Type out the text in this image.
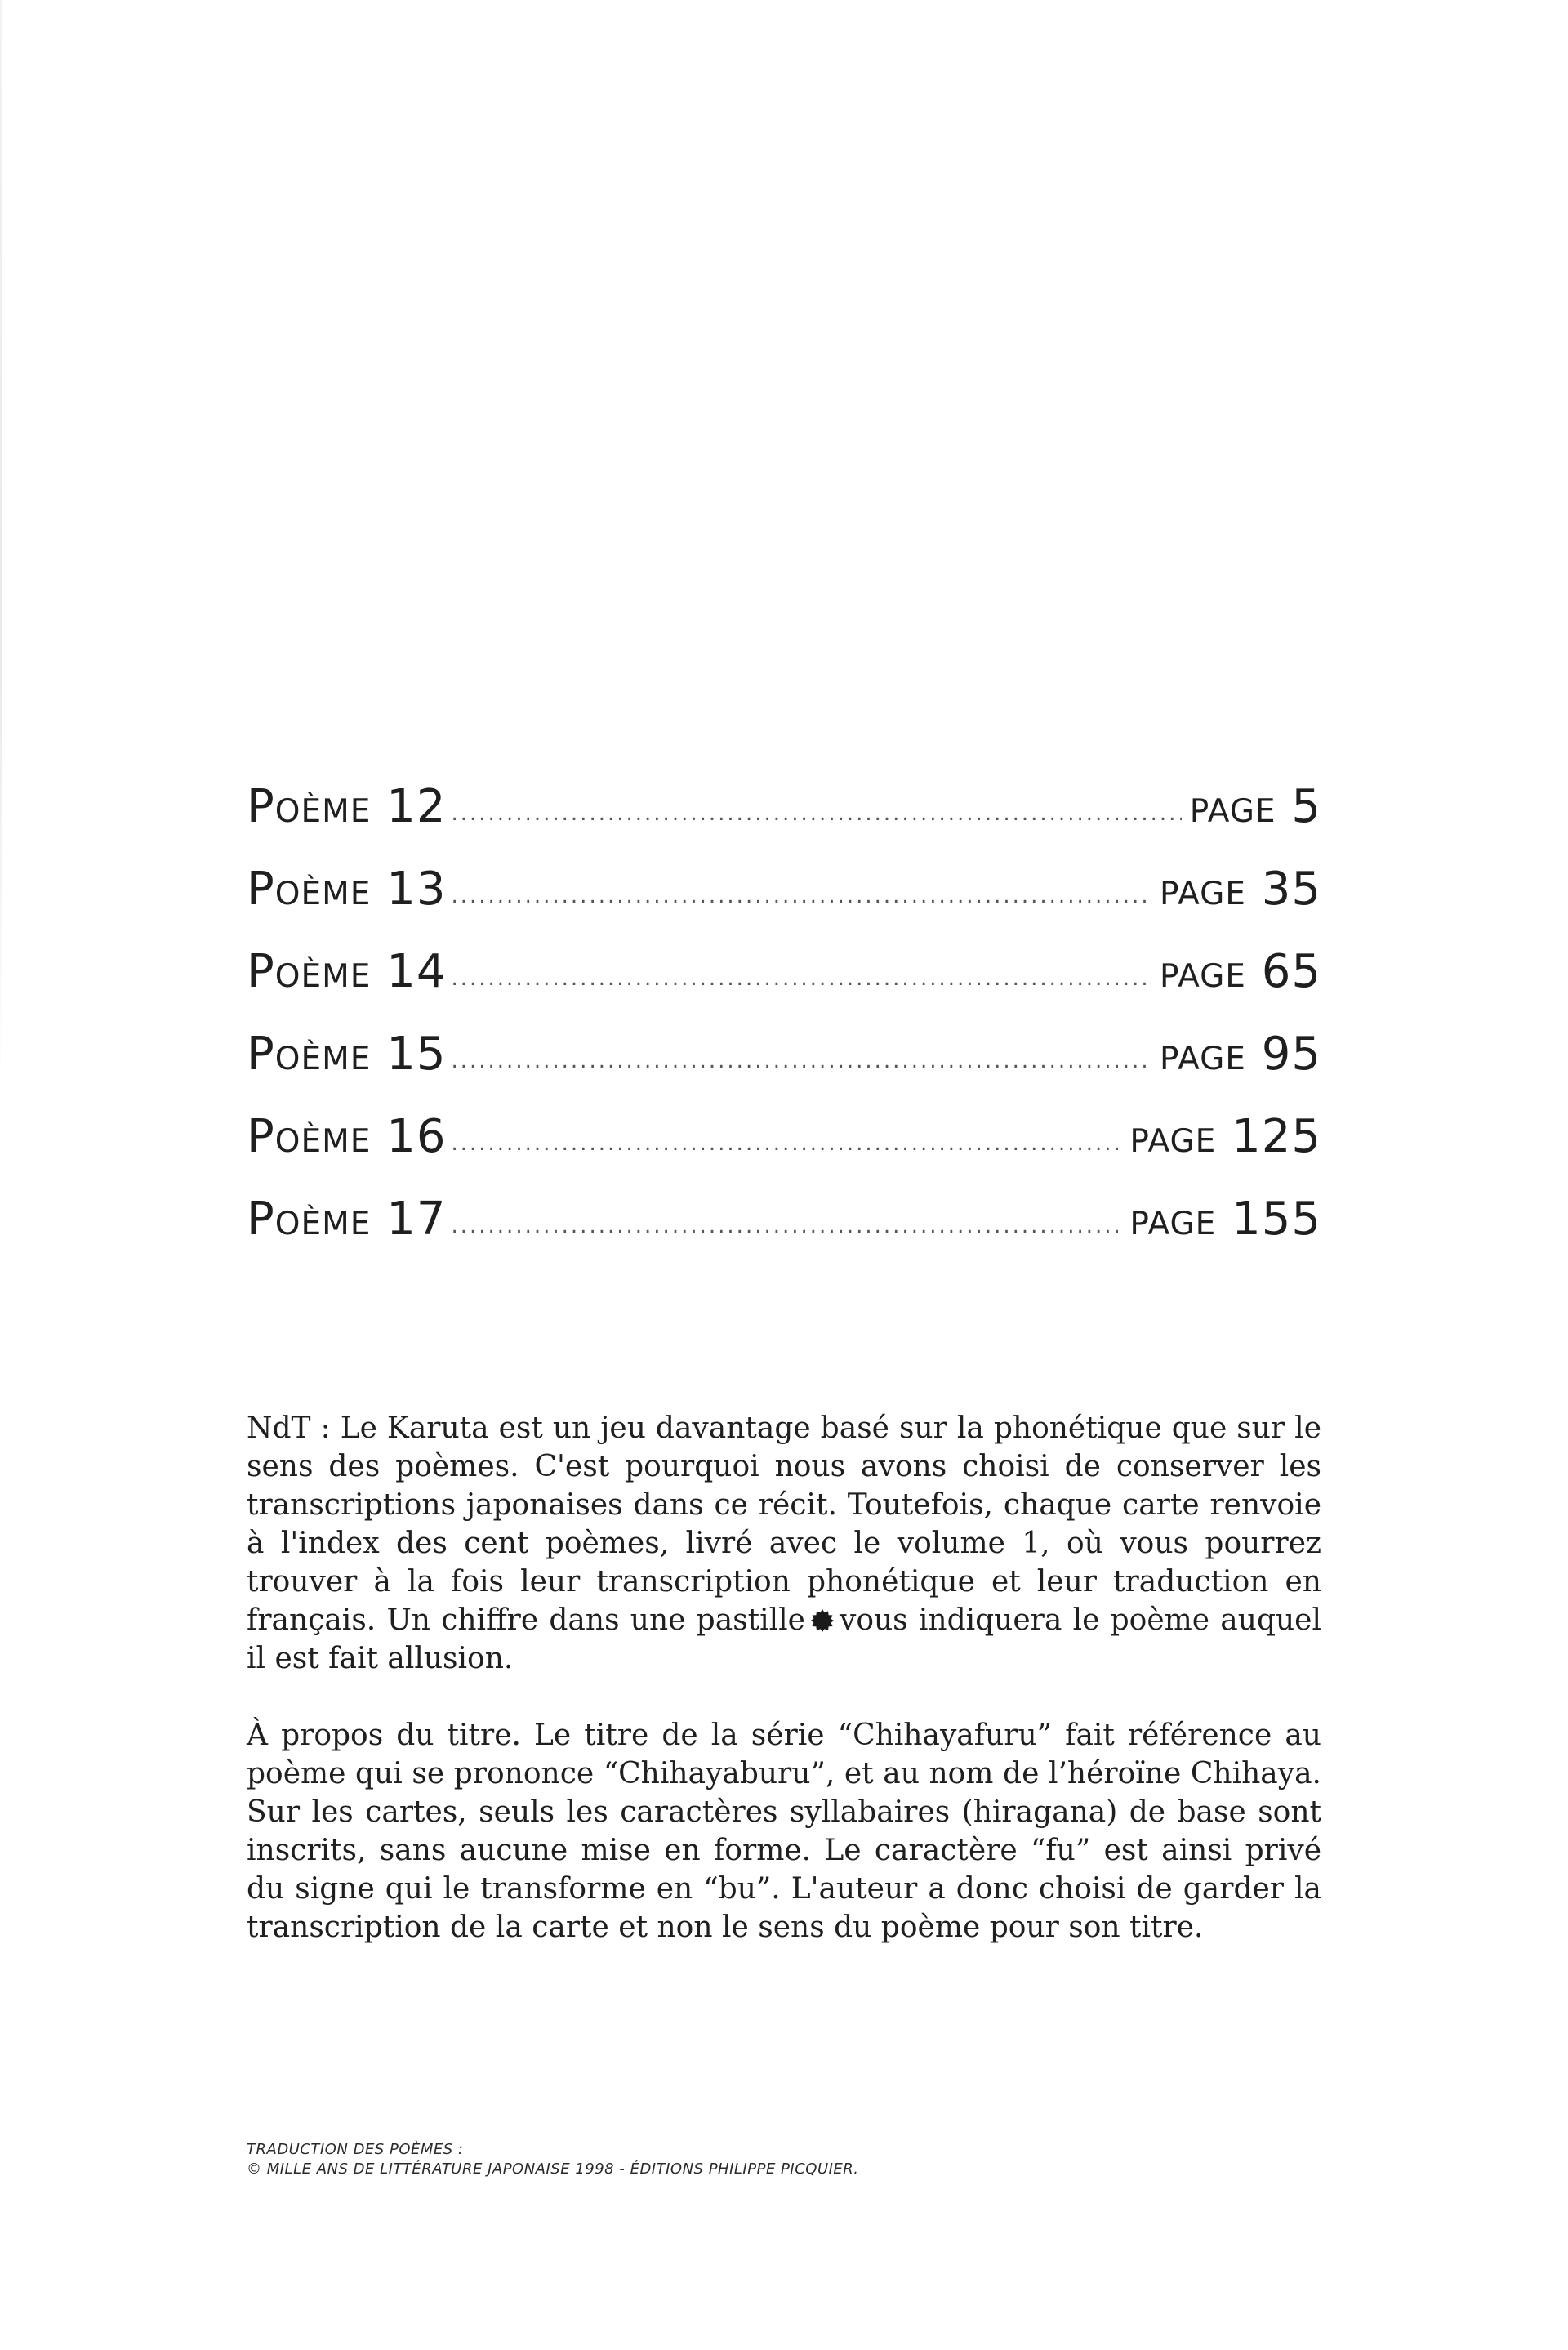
Poème 12 .....	page 5
Poème 13 .....	page 35
Poème 14 .....	page 65
Poème 15 .....	page 95
Poème 16 .....	page 125
Poème 17 .....	page 155

NdT : Le Karuta est un jeu davantage basé sur la phonétique que sur le sens des poèmes. C'est pourquoi nous avons choisi de conserver les transcriptions japonaises dans ce récit. Toutefois, chaque carte renvoie à l'index des cent poèmes, livré avec le volume 1, où vous pourrez trouver à la fois leur transcription phonétique et leur traduction en français. Un chiffre dans une pastille vous indiquera le poème auquel il est fait allusion.

À propos du titre. Le titre de la série “Chihayafuru” fait référence au poème qui se prononce “Chihayaburu”, et au nom de l’héroïne Chihaya. Sur les cartes, seuls les caractères syllabaires (hiragana) de base sont inscrits, sans aucune mise en forme. Le caractère “fu” est ainsi privé du signe qui le transforme en “bu”. L'auteur a donc choisi de garder la transcription de la carte et non le sens du poème pour son titre.

TRADUCTION DES POÈMES :
© MILLE ANS DE LITTÉRATURE JAPONAISE 1998 - ÉDITIONS PHILIPPE PICQUIER.
